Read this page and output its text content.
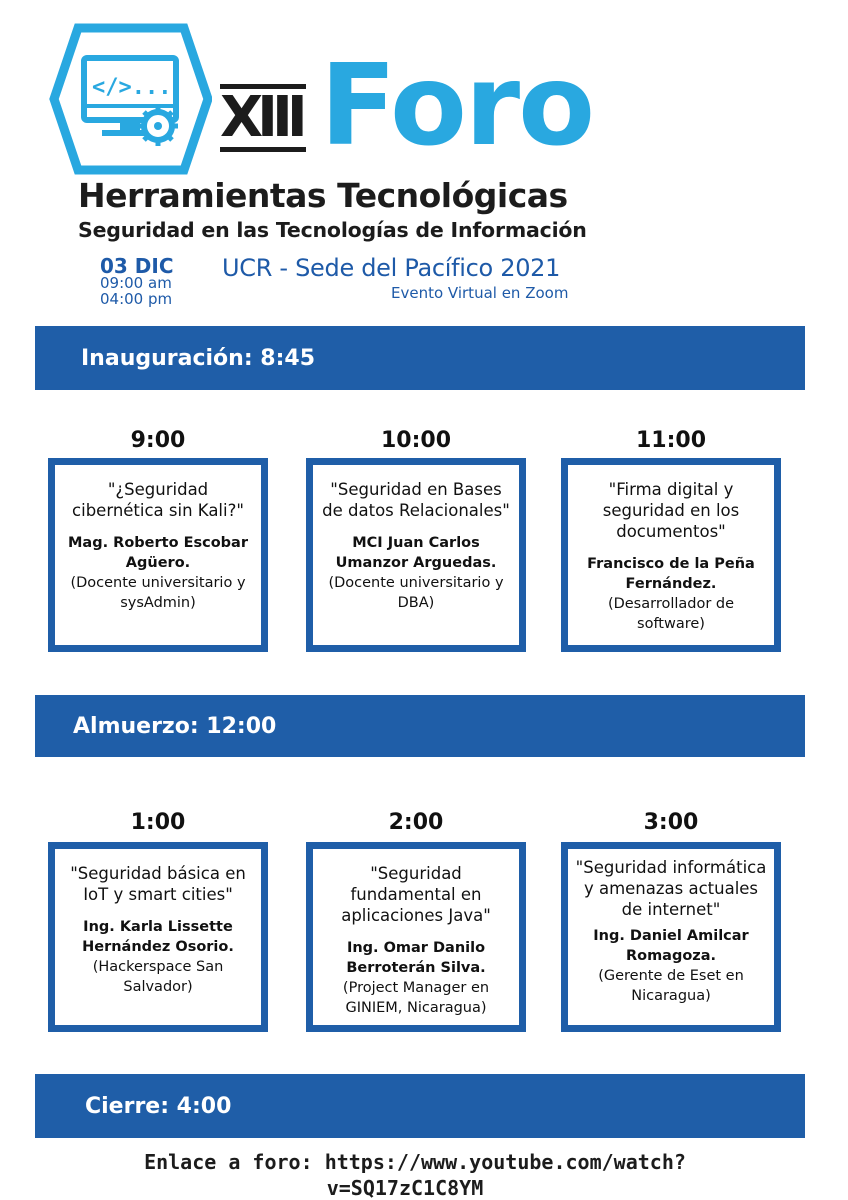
</>... XIII Foro
Herramientas Tecnológicas
Seguridad en las Tecnologías de Información
03 DIC
09:00 am
04:00 pm
UCR - Sede del Pacífico 2021
Evento Virtual en Zoom
Inauguración: 8:45
9:00
"¿Seguridad cibernética sin Kali?"
Mag. Roberto Escobar Agüero.
(Docente universitario y sysAdmin)
10:00
"Seguridad en Bases de datos Relacionales"
MCI Juan Carlos Umanzor Arguedas.
(Docente universitario y DBA)
11:00
"Firma digital y seguridad en los documentos"
Francisco de la Peña Fernández.
(Desarrollador de software)
Almuerzo: 12:00
1:00
"Seguridad básica en IoT y smart cities"
Ing. Karla Lissette Hernández Osorio.
(Hackerspace San Salvador)
2:00
"Seguridad fundamental en aplicaciones Java"
Ing. Omar Danilo Berroterán Silva.
(Project Manager en GINIEM, Nicaragua)
3:00
"Seguridad informática y amenazas actuales de internet"
Ing. Daniel Amilcar Romagoza.
(Gerente de Eset en Nicaragua)
Cierre: 4:00
Enlace a foro: https://www.youtube.com/watch?
v=SQ17zC1C8YM
